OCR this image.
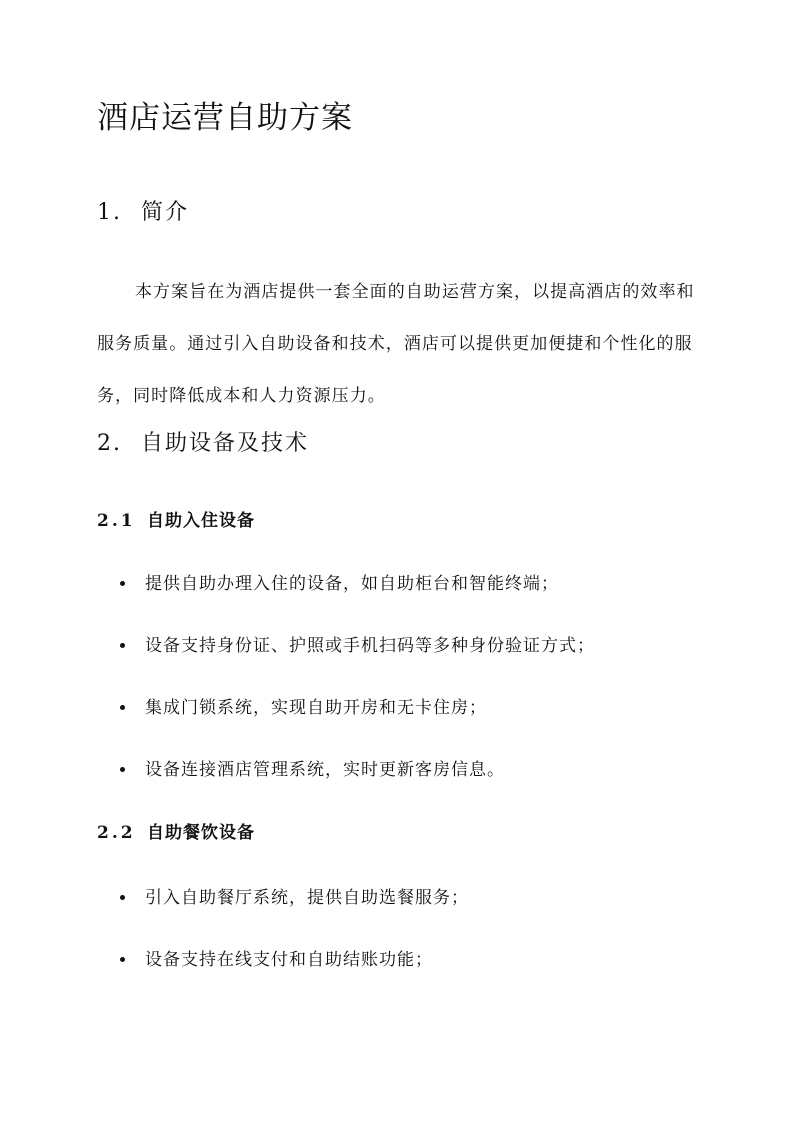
酒店运营自助方案
1. 简介

本方案旨在为酒店提供一套全面的自助运营方案，以提高酒店的效率和服务质量。通过引入自助设备和技术，酒店可以提供更加便捷和个性化的服务，同时降低成本和人力资源压力。

2. 自助设备及技术
2.1 自助入住设备
提供自助办理入住的设备，如自助柜台和智能终端；
设备支持身份证、护照或手机扫码等多种身份验证方式；
集成门锁系统，实现自助开房和无卡住房；
设备连接酒店管理系统，实时更新客房信息。
2.2 自助餐饮设备
引入自助餐厅系统，提供自助选餐服务；
设备支持在线支付和自助结账功能；
